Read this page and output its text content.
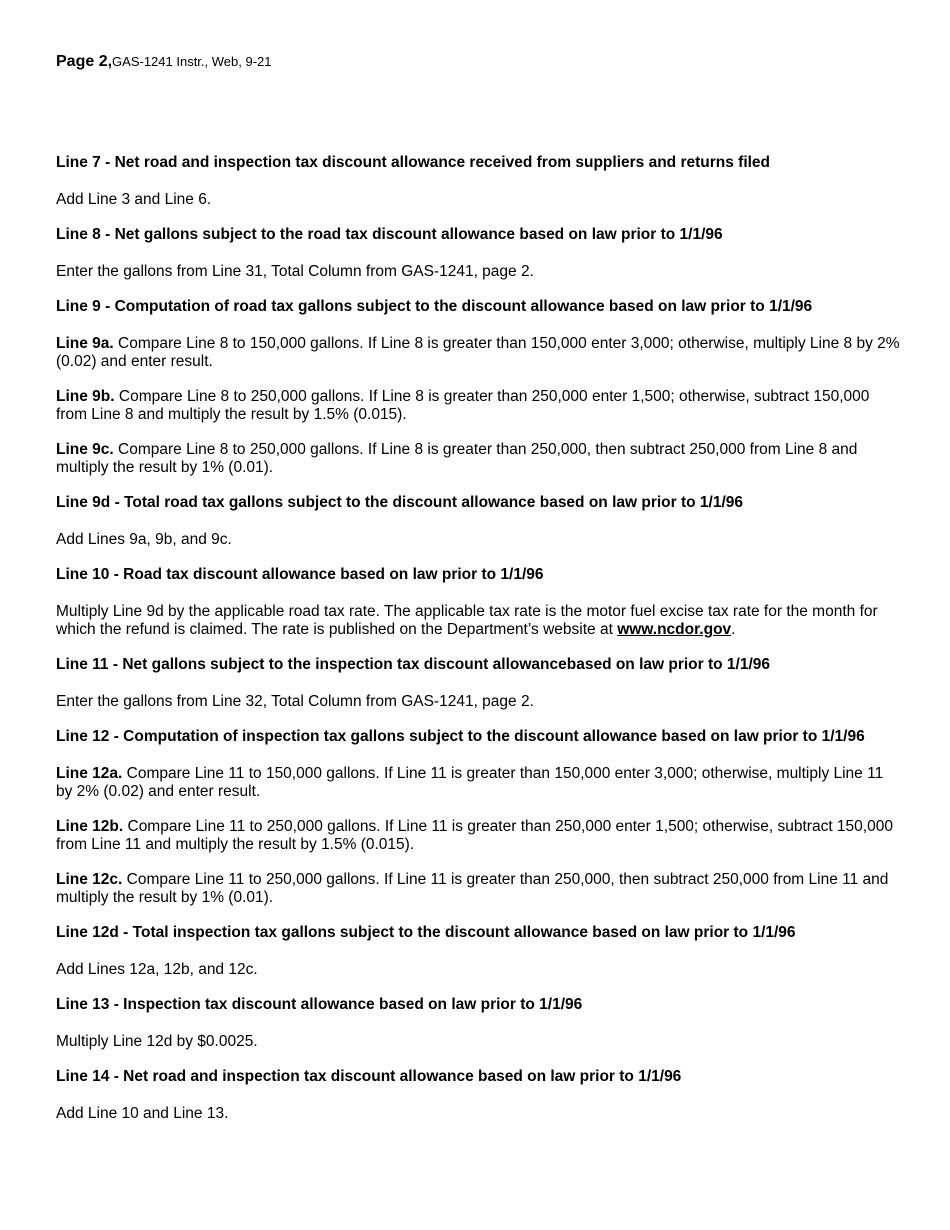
Page 2,GAS-1241 Instr., Web, 9-21
Line 7 - Net road and inspection tax discount allowance received from suppliers and returns filed
Add Line 3 and Line 6.
Line 8 - Net gallons subject to the road tax discount allowance based on law prior to 1/1/96
Enter the gallons from Line 31, Total Column from GAS-1241, page 2.
Line 9 - Computation of road tax gallons subject to the discount allowance based on law prior to 1/1/96
Line 9a. Compare Line 8 to 150,000 gallons. If Line 8 is greater than 150,000 enter 3,000; otherwise, multiply Line 8 by 2% (0.02) and enter result.
Line 9b. Compare Line 8 to 250,000 gallons. If Line 8 is greater than 250,000 enter 1,500; otherwise, subtract 150,000 from Line 8 and multiply the result by 1.5% (0.015).
Line 9c. Compare Line 8 to 250,000 gallons. If Line 8 is greater than 250,000, then subtract 250,000 from Line 8 and multiply the result by 1% (0.01).
Line 9d - Total road tax gallons subject to the discount allowance based on law prior to 1/1/96
Add Lines 9a, 9b, and 9c.
Line 10 - Road tax discount allowance based on law prior to 1/1/96
Multiply Line 9d by the applicable road tax rate. The applicable tax rate is the motor fuel excise tax rate for the month for which the refund is claimed. The rate is published on the Department’s website at www.ncdor.gov.
Line 11 - Net gallons subject to the inspection tax discount allowancebased on law prior to 1/1/96
Enter the gallons from Line 32, Total Column from GAS-1241, page 2.
Line 12 - Computation of inspection tax gallons subject to the discount allowance based on law prior to 1/1/96
Line 12a. Compare Line 11 to 150,000 gallons. If Line 11 is greater than 150,000 enter 3,000; otherwise, multiply Line 11 by 2% (0.02) and enter result.
Line 12b. Compare Line 11 to 250,000 gallons. If Line 11 is greater than 250,000 enter 1,500; otherwise, subtract 150,000 from Line 11 and multiply the result by 1.5% (0.015).
Line 12c. Compare Line 11 to 250,000 gallons. If Line 11 is greater than 250,000, then subtract 250,000 from Line 11 and multiply the result by 1% (0.01).
Line 12d - Total inspection tax gallons subject to the discount allowance based on law prior to 1/1/96
Add Lines 12a, 12b, and 12c.
Line 13 - Inspection tax discount allowance based on law prior to 1/1/96
Multiply Line 12d by $0.0025.
Line 14 - Net road and inspection tax discount allowance based on law prior to 1/1/96
Add Line 10 and Line 13.
